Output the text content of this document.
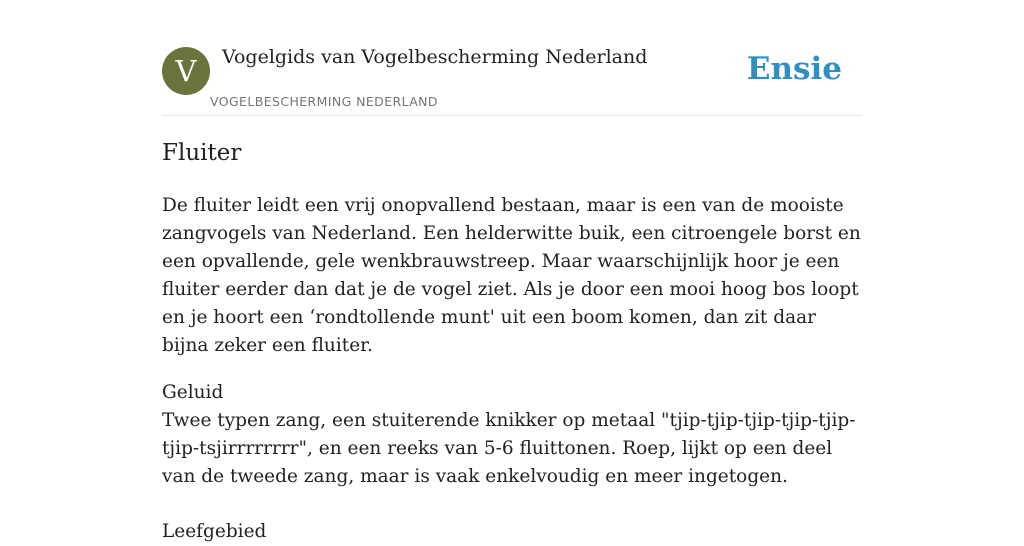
V	Vogelgids van Vogelbescherming Nederland
VOGELBESCHERMING NEDERLAND
Ensie
Fluiter

De fluiter leidt een vrij onopvallend bestaan, maar is een van de mooiste zangvogels van Nederland. Een helderwitte buik, een citroengele borst en een opvallende, gele wenkbrauwstreep. Maar waarschijnlijk hoor je een fluiter eerder dan dat je de vogel ziet. Als je door een mooi hoog bos loopt en je hoort een ‘rondtollende munt' uit een boom komen, dan zit daar bijna zeker een fluiter.

Geluid
Twee typen zang, een stuiterende knikker op metaal "tjip-tjip-tjip-tjip-tjip-tjip-tsjirrrrrrrr", en een reeks van 5-6 fluittonen. Roep, lijkt op een deel van de tweede zang, maar is vaak enkelvoudig en meer ingetogen.
Leefgebied
